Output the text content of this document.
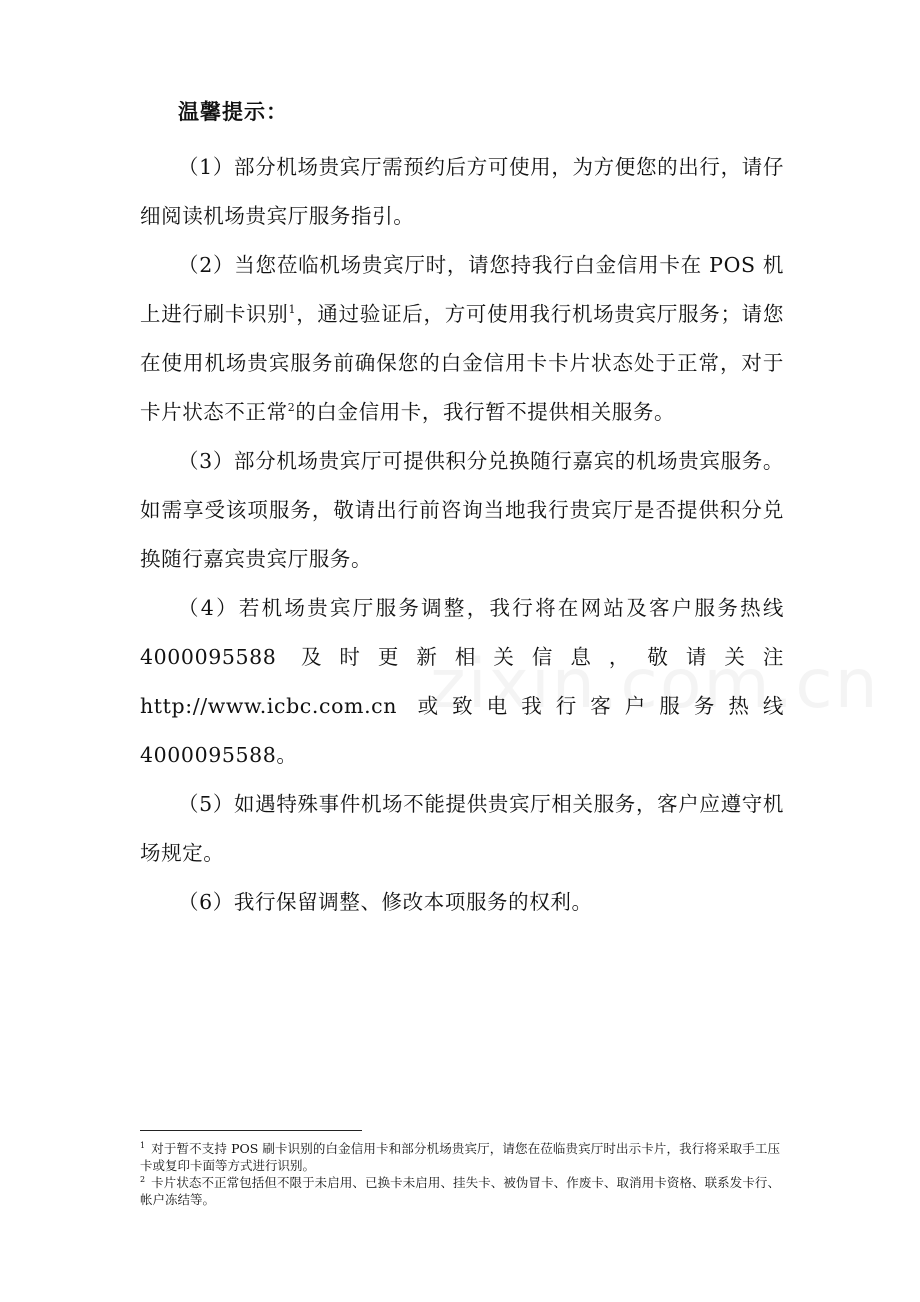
温馨提示：

（1）部分机场贵宾厅需预约后方可使用，为方便您的出行，请仔细阅读机场贵宾厅服务指引。

（2）当您莅临机场贵宾厅时，请您持我行白金信用卡在 POS 机上进行刷卡识别$^1$，通过验证后，方可使用我行机场贵宾厅服务；请您在使用机场贵宾服务前确保您的白金信用卡卡片状态处于正常，对于卡片状态不正常$^2$的白金信用卡，我行暂不提供相关服务。

（3）部分机场贵宾厅可提供积分兑换随行嘉宾的机场贵宾服务。如需享受该项服务，敬请出行前咨询当地我行贵宾厅是否提供积分兑换随行嘉宾贵宾厅服务。

（4）若机场贵宾厅服务调整，我行将在网站及客户服务热线 4000095588 及时更新相关信息，敬请关注 http://www.icbc.com.cn 或致电我行客户服务热线 4000095588。

（5）如遇特殊事件机场不能提供贵宾厅相关服务，客户应遵守机场规定。

（6）我行保留调整、修改本项服务的权利。

$^1$ 对于暂不支持 POS 刷卡识别的白金信用卡和部分机场贵宾厅，请您在莅临贵宾厅时出示卡片，我行将采取手工压卡或复印卡面等方式进行识别。

$^2$ 卡片状态不正常包括但不限于未启用、已换卡未启用、挂失卡、被伪冒卡、作废卡、取消用卡资格、联系发卡行、帐户冻结等。
